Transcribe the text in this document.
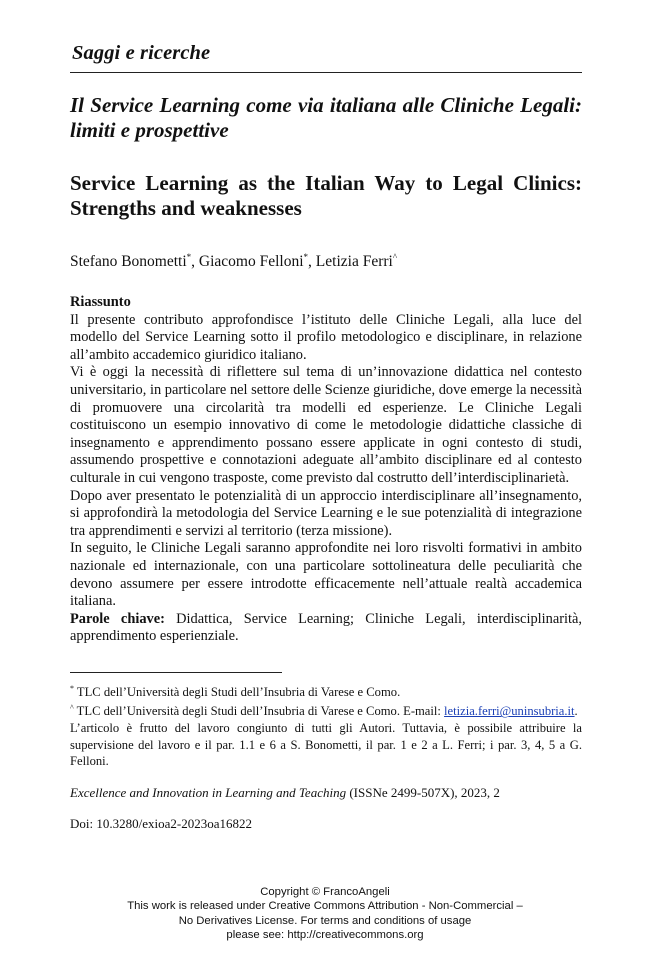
Saggi e ricerche
Il Service Learning come via italiana alle Cliniche Legali: limiti e prospettive
Service Learning as the Italian Way to Legal Clinics: Strengths and weaknesses
Stefano Bonometti*, Giacomo Felloni*, Letizia Ferri^
Riassunto

Il presente contributo approfondisce l’istituto delle Cliniche Legali, alla luce del modello del Service Learning sotto il profilo metodologico e disciplinare, in relazione all’ambito accademico giuridico italiano.

Vi è oggi la necessità di riflettere sul tema di un’innovazione didattica nel contesto universitario, in particolare nel settore delle Scienze giuridiche, dove emerge la necessità di promuovere una circolarità tra modelli ed esperienze. Le Cliniche Legali costituiscono un esempio innovativo di come le metodologie didattiche classiche di insegnamento e apprendimento possano essere applicate in ogni contesto di studi, assumendo prospettive e connotazioni adeguate all’ambito disciplinare ed al contesto culturale in cui vengono trasposte, come previsto dal costrutto dell’interdisciplinarietà.

Dopo aver presentato le potenzialità di un approccio interdisciplinare all’insegnamento, si approfondirà la metodologia del Service Learning e le sue potenzialità di integrazione tra apprendimenti e servizi al territorio (terza missione).

In seguito, le Cliniche Legali saranno approfondite nei loro risvolti formativi in ambito nazionale ed internazionale, con una particolare sottolineatura delle peculiarità che devono assumere per essere introdotte efficacemente nell’attuale realtà accademica italiana.

Parole chiave: Didattica, Service Learning; Cliniche Legali, interdisciplinarità, apprendimento esperienziale.

* TLC dell’Università degli Studi dell’Insubria di Varese e Como.

^ TLC dell’Università degli Studi dell’Insubria di Varese e Como. E-mail: letizia.ferri@uninsubria.it.

L’articolo è frutto del lavoro congiunto di tutti gli Autori. Tuttavia, è possibile attribuire la supervisione del lavoro e il par. 1.1 e 6 a S. Bonometti, il par. 1 e 2 a L. Ferri; i par. 3, 4, 5 a G. Felloni.

Excellence and Innovation in Learning and Teaching (ISSNe 2499-507X), 2023, 2
Doi: 10.3280/exioa2-2023oa16822
Copyright © FrancoAngeli
This work is released under Creative Commons Attribution - Non-Commercial –
No Derivatives License. For terms and conditions of usage
please see: http://creativecommons.org
